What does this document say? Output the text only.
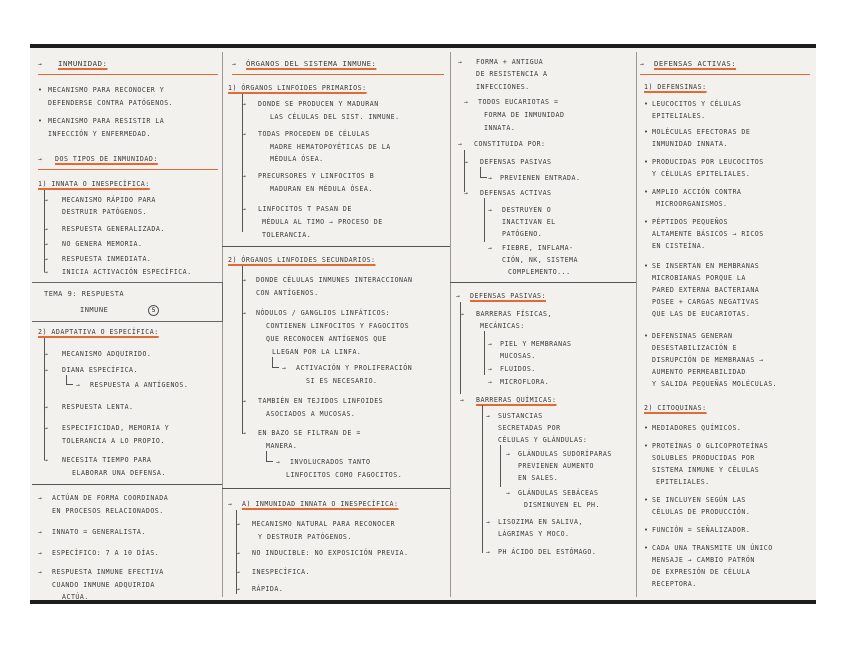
→ INMUNIDAD:
• MECANISMO PARA RECONOCER Y
DEFENDERSE CONTRA PATÓGENOS.
• MECANISMO PARA RESISTIR LA
INFECCIÓN Y ENFERMEDAD.
→ DOS TIPOS DE INMUNIDAD:
1) INNATA O INESPECÍFICA:
→ MECANISMO RÁPIDO PARA
DESTRUIR PATÓGENOS.
→ RESPUESTA GENERALIZADA.
→ NO GENERA MEMORIA.
→ RESPUESTA INMEDIATA.
→ INICIA ACTIVACIÓN ESPECÍFICA.
TEMA 9: RESPUESTA
INMUNE	5
2) ADAPTATIVA O ESPECÍFICA:
→ MECANISMO ADQUIRIDO.
→ DIANA ESPECÍFICA.
→ RESPUESTA A ANTÍGENOS.
→ RESPUESTA LENTA.
→ ESPECIFICIDAD, MEMORIA Y
TOLERANCIA A LO PROPIO.
→ NECESITA TIEMPO PARA
ELABORAR UNA DEFENSA.
→ ACTÚAN DE FORMA COORDINADA
EN PROCESOS RELACIONADOS.
→ INNATO = GENERALISTA.
→ ESPECÍFICO: 7 A 10 DÍAS.
→ RESPUESTA INMUNE EFECTIVA
CUANDO INMUNE ADQUIRIDA
ACTÚA.
→ ÓRGANOS DEL SISTEMA INMUNE:
1) ÓRGANOS LINFOIDES PRIMARIOS:
→ DONDE SE PRODUCEN Y MADURAN
LAS CÉLULAS DEL SIST. INMUNE.
→ TODAS PROCEDEN DE CÉLULAS
MADRE HEMATOPOYÉTICAS DE LA
MÉDULA ÓSEA.
→ PRECURSORES Y LINFOCITOS B
MADURAN EN MÉDULA ÓSEA.
→ LINFOCITOS T PASAN DE
MÉDULA AL TIMO → PROCESO DE
TOLERANCIA.
2) ÓRGANOS LINFOIDES SECUNDARIOS:
→ DONDE CÉLULAS INMUNES INTERACCIONAN
CON ANTÍGENOS.
→ NÓDULOS / GANGLIOS LINFÁTICOS:
CONTIENEN LINFOCITOS Y FAGOCITOS
QUE RECONOCEN ANTÍGENOS QUE
LLEGAN POR LA LINFA.
→ ACTIVACIÓN Y PROLIFERACIÓN
SI ES NECESARIO.
→ TAMBIÉN EN TEJIDOS LINFOIDES
ASOCIADOS A MUCOSAS.
→ EN BAZO SE FILTRAN DE =
MANERA.
→ INVOLUCRADOS TANTO
LINFOCITOS COMO FAGOCITOS.
→ A) INMUNIDAD INNATA O INESPECÍFICA:
→ MECANISMO NATURAL PARA RECONOCER
Y DESTRUIR PATÓGENOS.
→ NO INDUCIBLE: NO EXPOSICIÓN PREVIA.
→ INESPECÍFICA.
→ RÁPIDA.
→ FORMA + ANTIGUA
DE RESISTENCIA A
INFECCIONES.
→ TODOS EUCARIOTAS =
FORMA DE INMUNIDAD
INNATA.
→ CONSTITUIDA POR:
→ DEFENSAS PASIVAS
→ PREVIENEN ENTRADA.
→ DEFENSAS ACTIVAS
→ DESTRUYEN O
INACTIVAN EL
PATÓGENO.
→ FIEBRE, INFLAMA-
CIÓN, NK, SISTEMA
COMPLEMENTO...
→ DEFENSAS PASIVAS:
→ BARRERAS FÍSICAS,
MECÁNICAS:
→ PIEL Y MEMBRANAS
MUCOSAS.
→ FLUIDOS.
→ MICROFLORA.
→ BARRERAS QUÍMICAS:
→ SUSTANCIAS
SECRETADAS POR
CÉLULAS Y GLÁNDULAS:
→ GLÁNDULAS SUDORÍPARAS
PREVIENEN AUMENTO
EN SALES.
→ GLÁNDULAS SEBÁCEAS
DISMINUYEN EL PH.
→ LISOZIMA EN SALIVA,
LÁGRIMAS Y MOCO.
→ PH ÁCIDO DEL ESTÓMAGO.
→ DEFENSAS ACTIVAS:
1) DEFENSINAS:
• LEUCOCITOS Y CÉLULAS
EPITELIALES.
• MOLÉCULAS EFECTORAS DE
INMUNIDAD INNATA.
• PRODUCIDAS POR LEUCOCITOS
Y CÉLULAS EPITELIALES.
• AMPLIO ACCIÓN CONTRA
MICROORGANISMOS.
• PÉPTIDOS PEQUEÑOS
ALTAMENTE BÁSICOS → RICOS
EN CISTEÍNA.
• SE INSERTAN EN MEMBRANAS
MICROBIANAS PORQUE LA
PARED EXTERNA BACTERIANA
POSEE + CARGAS NEGATIVAS
QUE LAS DE EUCARIOTAS.
• DEFENSINAS GENERAN
DESESTABILIZACIÓN E
DISRUPCIÓN DE MEMBRANAS →
AUMENTO PERMEABILIDAD
Y SALIDA PEQUEÑAS MOLÉCULAS.
2) CITOQUINAS:
• MEDIADORES QUÍMICOS.
• PROTEÍNAS O GLICOPROTEÍNAS
SOLUBLES PRODUCIDAS POR
SISTEMA INMUNE Y CÉLULAS
EPITELIALES.
• SE INCLUYEN SEGÚN LAS
CÉLULAS DE PRODUCCIÓN.
• FUNCIÓN = SEÑALIZADOR.
• CADA UNA TRANSMITE UN ÚNICO
MENSAJE → CAMBIO PATRÓN
DE EXPRESIÓN DE CÉLULA
RECEPTORA.
